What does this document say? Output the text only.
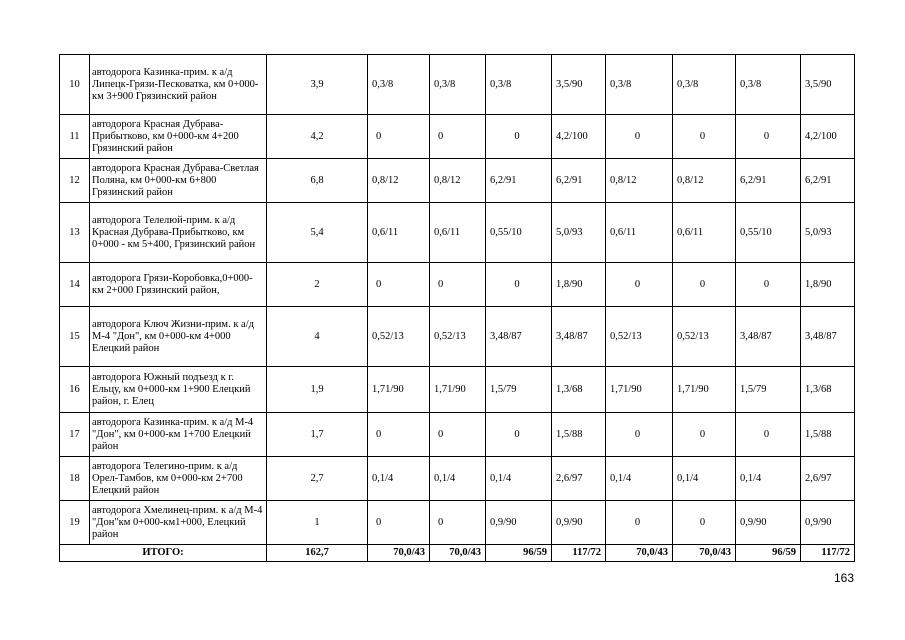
10	автодорога Казинка-прим. к а/д Липецк-Грязи-Песковатка, км 0+000-км 3+900 Грязинский район	3,9	0,3/8	0,3/8	0,3/8	3,5/90	0,3/8	0,3/8	0,3/8	3,5/90
11	автодорога Красная Дубрава-Прибытково, км 0+000-км 4+200 Грязинский район	4,2	0	0	0	4,2/100	0	0	0	4,2/100
12	автодорога Красная Дубрава-Светлая Поляна, км 0+000-км 6+800 Грязинский район	6,8	0,8/12	0,8/12	6,2/91	6,2/91	0,8/12	0,8/12	6,2/91	6,2/91
13	автодорога Телелюй-прим. к а/д Красная Дубрава-Прибытково, км 0+000 - км 5+400, Грязинский район	5,4	0,6/11	0,6/11	0,55/10	5,0/93	0,6/11	0,6/11	0,55/10	5,0/93
14	автодорога Грязи-Коробовка,0+000-км 2+000 Грязинский район,	2	0	0	0	1,8/90	0	0	0	1,8/90
15	автодорога Ключ Жизни-прим. к а/д М-4 "Дон", км 0+000-км 4+000 Елецкий район	4	0,52/13	0,52/13	3,48/87	3,48/87	0,52/13	0,52/13	3,48/87	3,48/87
16	автодорога Южный подъезд к г. Ельцу, км 0+000-км 1+900 Елецкий район, г. Елец	1,9	1,71/90	1,71/90	1,5/79	1,3/68	1,71/90	1,71/90	1,5/79	1,3/68
17	автодорога Казинка-прим. к а/д М-4 "Дон", км 0+000-км 1+700 Елецкий район	1,7	0	0	0	1,5/88	0	0	0	1,5/88
18	автодорога Телегино-прим. к а/д Орел-Тамбов, км 0+000-км 2+700 Елецкий район	2,7	0,1/4	0,1/4	0,1/4	2,6/97	0,1/4	0,1/4	0,1/4	2,6/97
19	автодорога Хмелинец-прим. к а/д М-4 "Дон"км 0+000-км1+000, Елецкий район	1	0	0	0,9/90	0,9/90	0	0	0,9/90	0,9/90
ИТОГО:		162,7	70,0/43	70,0/43	96/59	117/72	70,0/43	70,0/43	96/59	117/72
163
